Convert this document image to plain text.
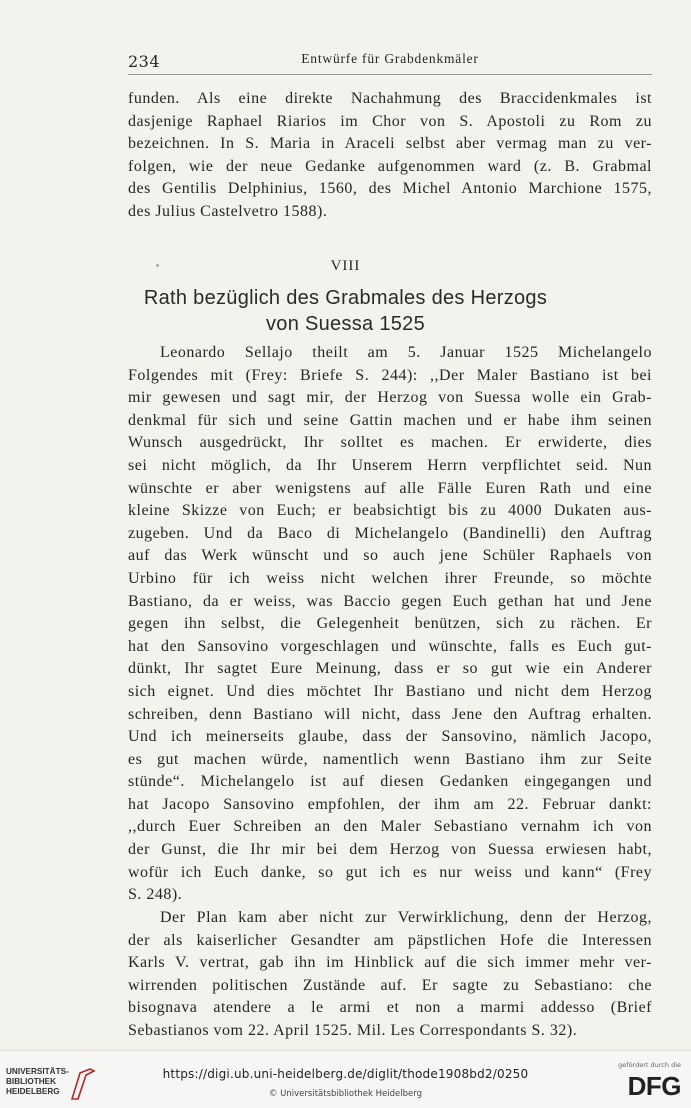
234	Entwürfe für Grabdenkmäler
funden. Als eine direkte Nachahmung des Braccidenkmales ist
dasjenige Raphael Riarios im Chor von S. Apostoli zu Rom zu
bezeichnen. In S. Maria in Araceli selbst aber vermag man zu ver-
folgen, wie der neue Gedanke aufgenommen ward (z. B. Grabmal
des Gentilis Delphinius, 1560, des Michel Antonio Marchione 1575,
des Julius Castelvetro 1588).
VIII
Rath bezüglich des Grabmales des Herzogs
von Suessa 1525
Leonardo Sellajo theilt am 5. Januar 1525 Michelangelo
Folgendes mit (Frey: Briefe S. 244): ,,Der Maler Bastiano ist bei
mir gewesen und sagt mir, der Herzog von Suessa wolle ein Grab-
denkmal für sich und seine Gattin machen und er habe ihm seinen
Wunsch ausgedrückt, Ihr solltet es machen. Er erwiderte, dies
sei nicht möglich, da Ihr Unserem Herrn verpflichtet seid. Nun
wünschte er aber wenigstens auf alle Fälle Euren Rath und eine
kleine Skizze von Euch; er beabsichtigt bis zu 4000 Dukaten aus-
zugeben. Und da Baco di Michelangelo (Bandinelli) den Auftrag
auf das Werk wünscht und so auch jene Schüler Raphaels von
Urbino für ich weiss nicht welchen ihrer Freunde, so möchte
Bastiano, da er weiss, was Baccio gegen Euch gethan hat und Jene
gegen ihn selbst, die Gelegenheit benützen, sich zu rächen. Er
hat den Sansovino vorgeschlagen und wünschte, falls es Euch gut-
dünkt, Ihr sagtet Eure Meinung, dass er so gut wie ein Anderer
sich eignet. Und dies möchtet Ihr Bastiano und nicht dem Herzog
schreiben, denn Bastiano will nicht, dass Jene den Auftrag erhalten.
Und ich meinerseits glaube, dass der Sansovino, nämlich Jacopo,
es gut machen würde, namentlich wenn Bastiano ihm zur Seite
stünde“. Michelangelo ist auf diesen Gedanken eingegangen und
hat Jacopo Sansovino empfohlen, der ihm am 22. Februar dankt:
,,durch Euer Schreiben an den Maler Sebastiano vernahm ich von
der Gunst, die Ihr mir bei dem Herzog von Suessa erwiesen habt,
wofür ich Euch danke, so gut ich es nur weiss und kann“ (Frey
S. 248).
Der Plan kam aber nicht zur Verwirklichung, denn der Herzog,
der als kaiserlicher Gesandter am päpstlichen Hofe die Interessen
Karls V. vertrat, gab ihn im Hinblick auf die sich immer mehr ver-
wirrenden politischen Zustände auf. Er sagte zu Sebastiano: che
bisognava atendere a le armi et non a marmi addesso (Brief
Sebastianos vom 22. April 1525. Mil. Les Correspondants S. 32).
UNIVERSITÄTS-
BIBLIOTHEK
HEIDELBERG
https://digi.ub.uni-heidelberg.de/diglit/thode1908bd2/0250
© Universitätsbibliothek Heidelberg
gefördert durch die
DFG
